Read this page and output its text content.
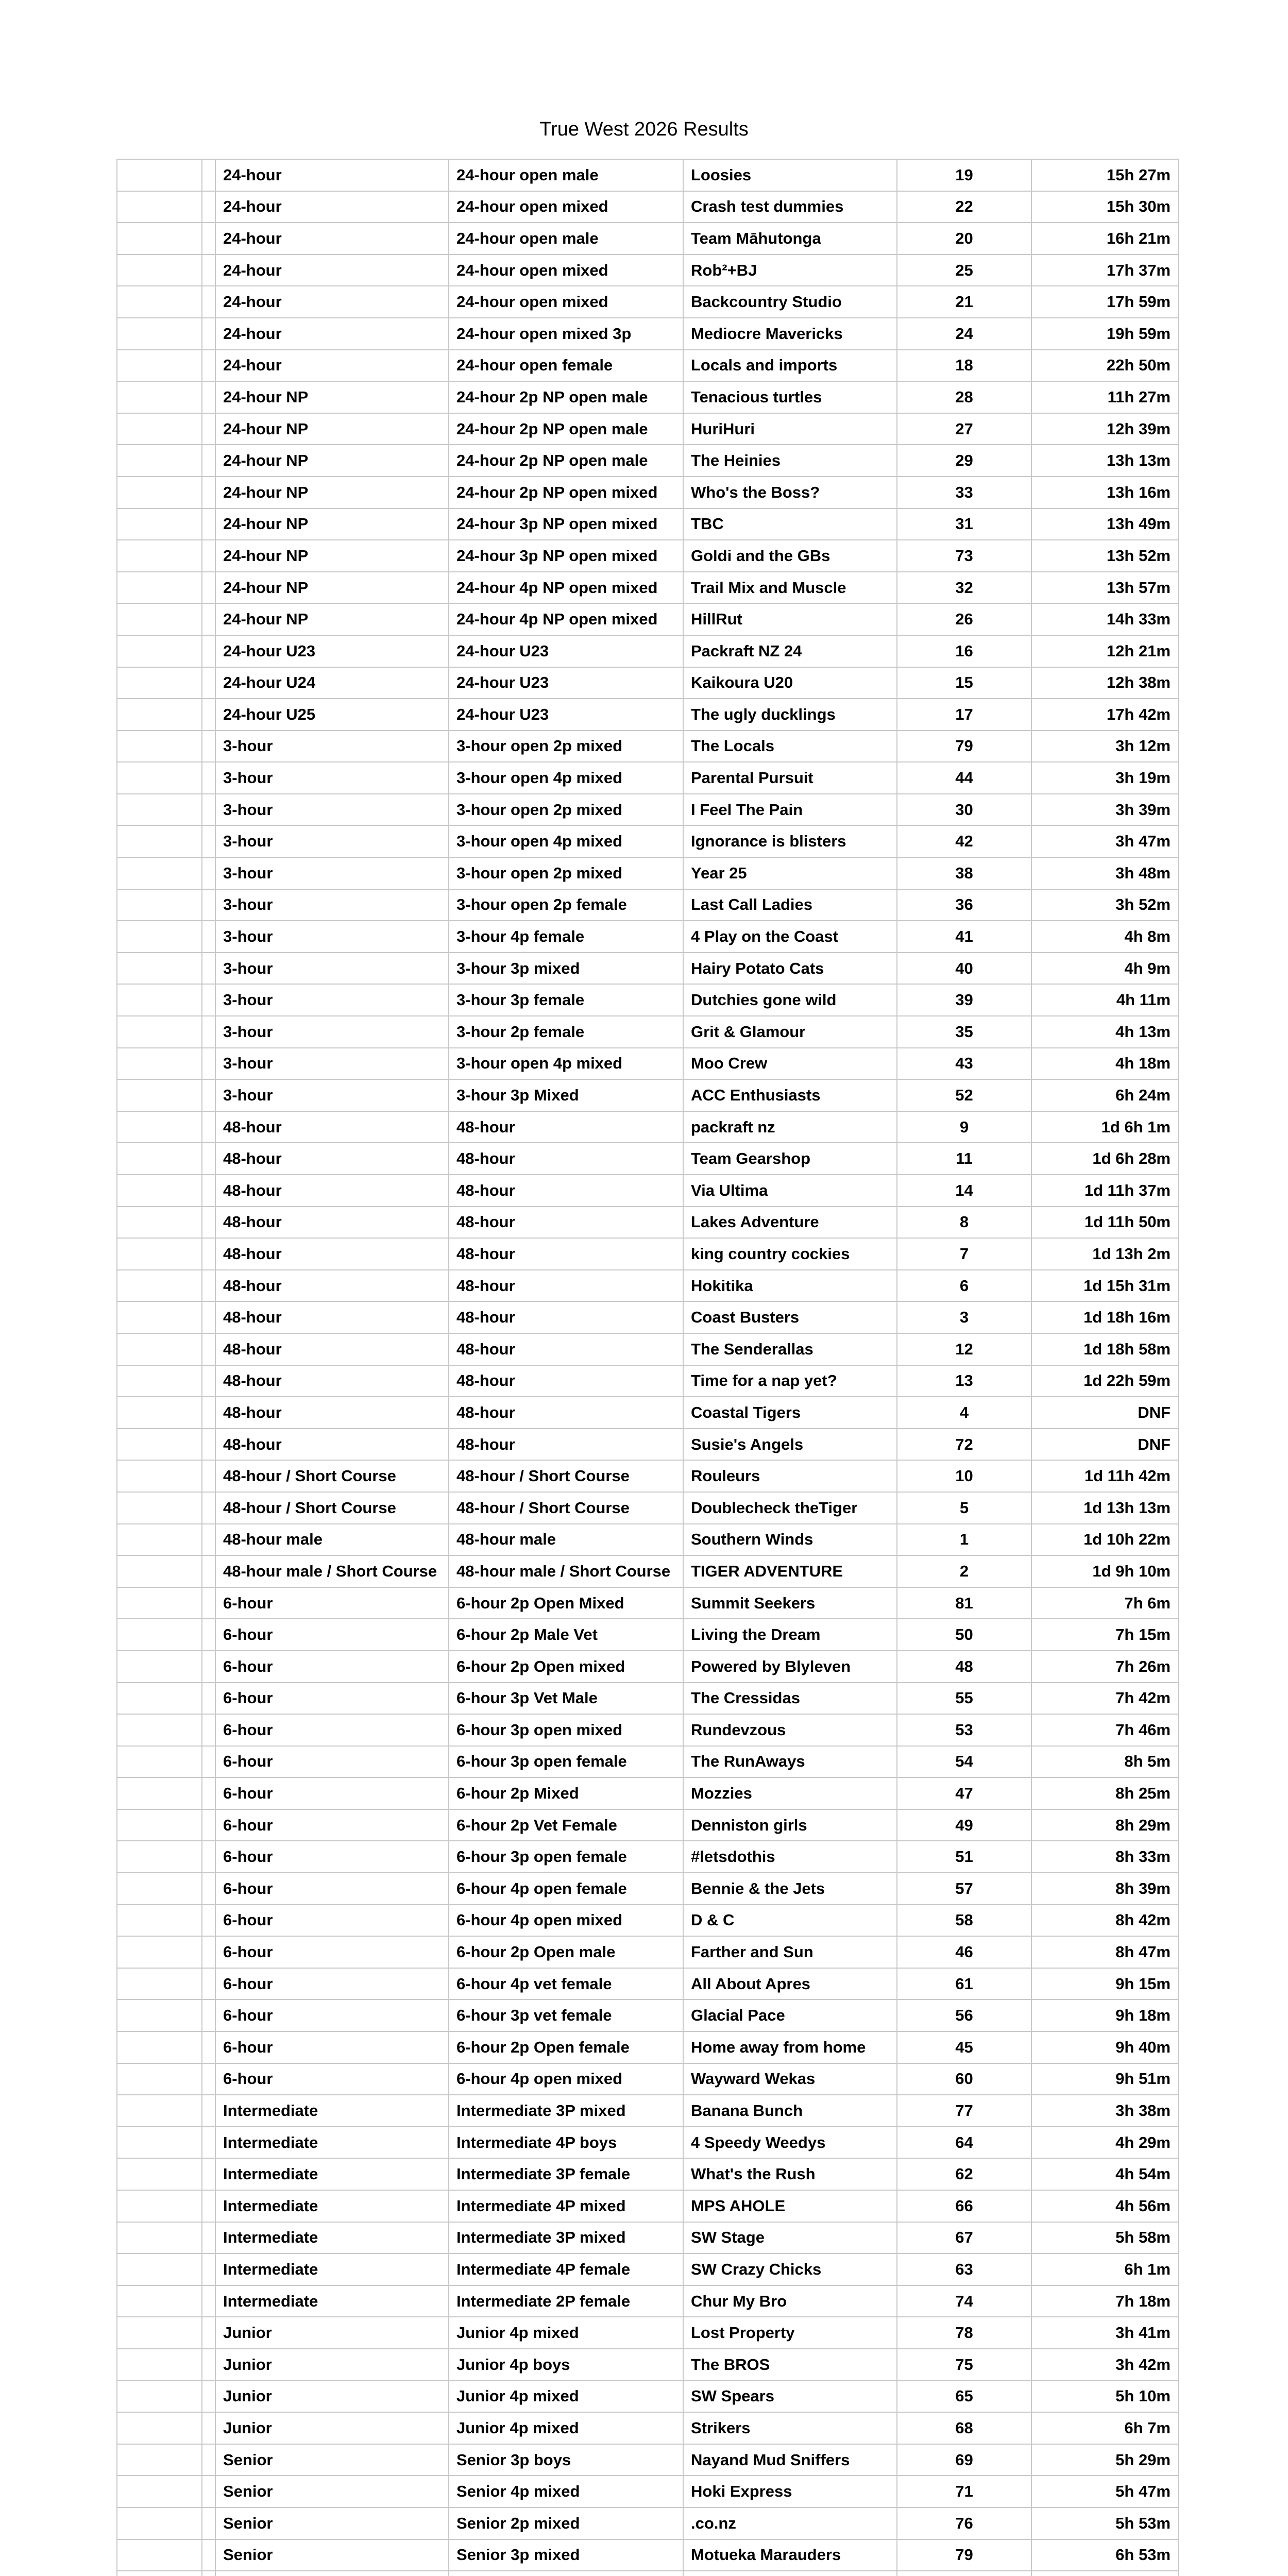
True West 2026 Results
		24-hour	24-hour open male	Loosies	19	15h 27m
		24-hour	24-hour open mixed	Crash test dummies	22	15h 30m
		24-hour	24-hour open male	Team Māhutonga	20	16h 21m
		24-hour	24-hour open mixed	Rob²+BJ	25	17h 37m
		24-hour	24-hour open mixed	Backcountry Studio	21	17h 59m
		24-hour	24-hour open mixed 3p	Mediocre Mavericks	24	19h 59m
		24-hour	24-hour open female	Locals and imports	18	22h 50m
		24-hour NP	24-hour 2p NP open male	Tenacious turtles	28	11h 27m
		24-hour NP	24-hour 2p NP open male	HuriHuri	27	12h 39m
		24-hour NP	24-hour 2p NP open male	The Heinies	29	13h 13m
		24-hour NP	24-hour 2p NP open mixed	Who's the Boss?	33	13h 16m
		24-hour NP	24-hour 3p NP open mixed	TBC	31	13h 49m
		24-hour NP	24-hour 3p NP open mixed	Goldi and the GBs	73	13h 52m
		24-hour NP	24-hour 4p NP open mixed	Trail Mix and Muscle	32	13h 57m
		24-hour NP	24-hour 4p NP open mixed	HillRut	26	14h 33m
		24-hour U23	24-hour U23	Packraft NZ 24	16	12h 21m
		24-hour U24	24-hour U23	Kaikoura U20	15	12h 38m
		24-hour U25	24-hour U23	The ugly ducklings	17	17h 42m
		3-hour	3-hour open 2p mixed	The Locals	79	3h 12m
		3-hour	3-hour open 4p mixed	Parental Pursuit	44	3h 19m
		3-hour	3-hour open 2p mixed	I Feel The Pain	30	3h 39m
		3-hour	3-hour open 4p mixed	Ignorance is blisters	42	3h 47m
		3-hour	3-hour open 2p mixed	Year 25	38	3h 48m
		3-hour	3-hour open 2p female	Last Call Ladies	36	3h 52m
		3-hour	3-hour 4p female	4 Play on the Coast	41	4h 8m
		3-hour	3-hour 3p mixed	Hairy Potato Cats	40	4h 9m
		3-hour	3-hour 3p female	Dutchies gone wild	39	4h 11m
		3-hour	3-hour 2p female	Grit & Glamour	35	4h 13m
		3-hour	3-hour open 4p mixed	Moo Crew	43	4h 18m
		3-hour	3-hour 3p Mixed	ACC Enthusiasts	52	6h 24m
		48-hour	48-hour	packraft nz	9	1d 6h 1m
		48-hour	48-hour	Team Gearshop	11	1d 6h 28m
		48-hour	48-hour	Via Ultima	14	1d 11h 37m
		48-hour	48-hour	Lakes Adventure	8	1d 11h 50m
		48-hour	48-hour	king country cockies	7	1d 13h 2m
		48-hour	48-hour	Hokitika	6	1d 15h 31m
		48-hour	48-hour	Coast Busters	3	1d 18h 16m
		48-hour	48-hour	The Senderallas	12	1d 18h 58m
		48-hour	48-hour	Time for a nap yet?	13	1d 22h 59m
		48-hour	48-hour	Coastal Tigers	4	DNF
		48-hour	48-hour	Susie's Angels	72	DNF
		48-hour / Short Course	48-hour / Short Course	Rouleurs	10	1d 11h 42m
		48-hour / Short Course	48-hour / Short Course	Doublecheck theTiger	5	1d 13h 13m
		48-hour male	48-hour male	Southern Winds	1	1d 10h 22m
		48-hour male / Short Course	48-hour male / Short Course	TIGER ADVENTURE	2	1d 9h 10m
		6-hour	6-hour 2p Open Mixed	Summit Seekers	81	7h 6m
		6-hour	6-hour 2p Male Vet	Living the Dream	50	7h 15m
		6-hour	6-hour 2p Open mixed	Powered by Blyleven	48	7h 26m
		6-hour	6-hour 3p Vet Male	The Cressidas	55	7h 42m
		6-hour	6-hour 3p open mixed	Rundevzous	53	7h 46m
		6-hour	6-hour 3p open female	The RunAways	54	8h 5m
		6-hour	6-hour 2p Mixed	Mozzies	47	8h 25m
		6-hour	6-hour 2p Vet Female	Denniston girls	49	8h 29m
		6-hour	6-hour 3p open female	#letsdothis	51	8h 33m
		6-hour	6-hour 4p open female	Bennie & the Jets	57	8h 39m
		6-hour	6-hour 4p open mixed	D & C	58	8h 42m
		6-hour	6-hour 2p Open male	Farther and Sun	46	8h 47m
		6-hour	6-hour 4p vet female	All About Apres	61	9h 15m
		6-hour	6-hour 3p vet female	Glacial Pace	56	9h 18m
		6-hour	6-hour 2p Open female	Home away from home	45	9h 40m
		6-hour	6-hour 4p open mixed	Wayward Wekas	60	9h 51m
		Intermediate	Intermediate 3P mixed	Banana Bunch	77	3h 38m
		Intermediate	Intermediate 4P boys	4 Speedy Weedys	64	4h 29m
		Intermediate	Intermediate 3P female	What's the Rush	62	4h 54m
		Intermediate	Intermediate 4P mixed	MPS AHOLE	66	4h 56m
		Intermediate	Intermediate 3P mixed	SW Stage	67	5h 58m
		Intermediate	Intermediate 4P female	SW Crazy Chicks	63	6h 1m
		Intermediate	Intermediate 2P female	Chur My Bro	74	7h 18m
		Junior	Junior 4p mixed	Lost Property	78	3h 41m
		Junior	Junior 4p boys	The BROS	75	3h 42m
		Junior	Junior 4p mixed	SW Spears	65	5h 10m
		Junior	Junior 4p mixed	Strikers	68	6h 7m
		Senior	Senior 3p boys	Nayand Mud Sniffers	69	5h 29m
		Senior	Senior 4p mixed	Hoki Express	71	5h 47m
		Senior	Senior 2p mixed	.co.nz	76	5h 53m
		Senior	Senior 3p mixed	Motueka Marauders	79	6h 53m
